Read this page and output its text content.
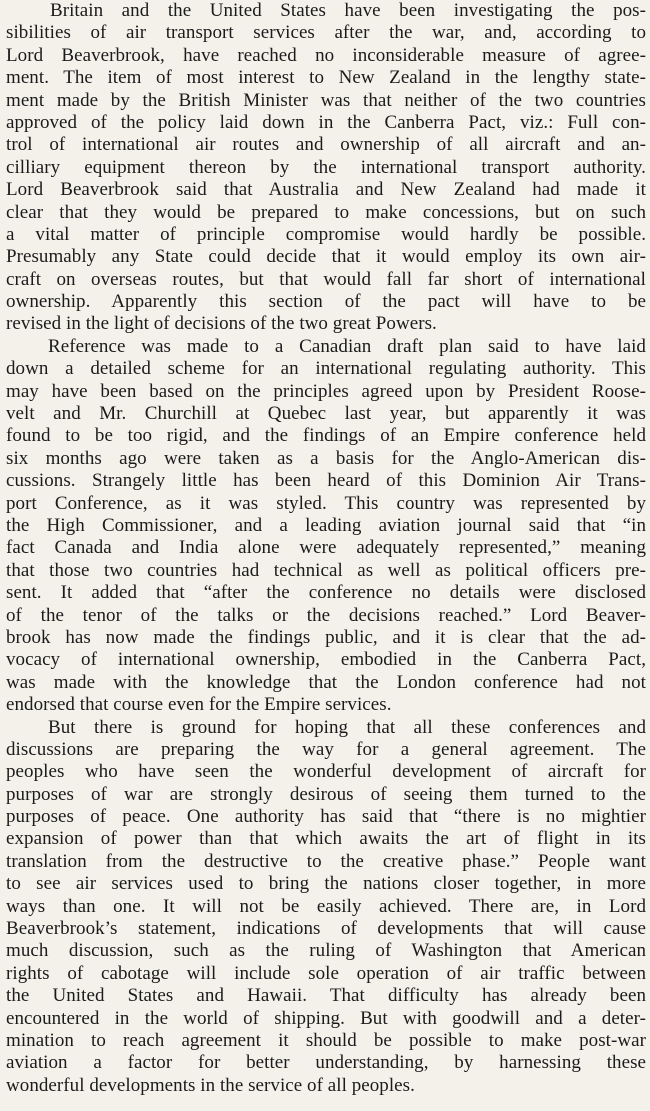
Britain and the United States have been investigating the pos-
sibilities of air transport services after the war, and, according to
Lord Beaverbrook, have reached no inconsiderable measure of agree-
ment. The item of most interest to New Zealand in the lengthy state-
ment made by the British Minister was that neither of the two countries
approved of the policy laid down in the Canberra Pact, viz.: Full con-
trol of international air routes and ownership of all aircraft and an-
cilliary equipment thereon by the international transport authority.
Lord Beaverbrook said that Australia and New Zealand had made it
clear that they would be prepared to make concessions, but on such
a vital matter of principle compromise would hardly be possible.
Presumably any State could decide that it would employ its own air-
craft on overseas routes, but that would fall far short of international
ownership. Apparently this section of the pact will have to be
revised in the light of decisions of the two great Powers.

Reference was made to a Canadian draft plan said to have laid
down a detailed scheme for an international regulating authority. This
may have been based on the principles agreed upon by President Roose-
velt and Mr. Churchill at Quebec last year, but apparently it was
found to be too rigid, and the findings of an Empire conference held
six months ago were taken as a basis for the Anglo-American dis-
cussions. Strangely little has been heard of this Dominion Air Trans-
port Conference, as it was styled. This country was represented by
the High Commissioner, and a leading aviation journal said that “in
fact Canada and India alone were adequately represented,” meaning
that those two countries had technical as well as political officers pre-
sent. It added that “after the conference no details were disclosed
of the tenor of the talks or the decisions reached.” Lord Beaver-
brook has now made the findings public, and it is clear that the ad-
vocacy of international ownership, embodied in the Canberra Pact,
was made with the knowledge that the London conference had not
endorsed that course even for the Empire services.

But there is ground for hoping that all these conferences and
discussions are preparing the way for a general agreement. The
peoples who have seen the wonderful development of aircraft for
purposes of war are strongly desirous of seeing them turned to the
purposes of peace. One authority has said that “there is no mightier
expansion of power than that which awaits the art of flight in its
translation from the destructive to the creative phase.” People want
to see air services used to bring the nations closer together, in more
ways than one. It will not be easily achieved. There are, in Lord
Beaverbrook’s statement, indications of developments that will cause
much discussion, such as the ruling of Washington that American
rights of cabotage will include sole operation of air traffic between
the United States and Hawaii. That difficulty has already been
encountered in the world of shipping. But with goodwill and a deter-
mination to reach agreement it should be possible to make post-war
aviation a factor for better understanding, by harnessing these
wonderful developments in the service of all peoples.
